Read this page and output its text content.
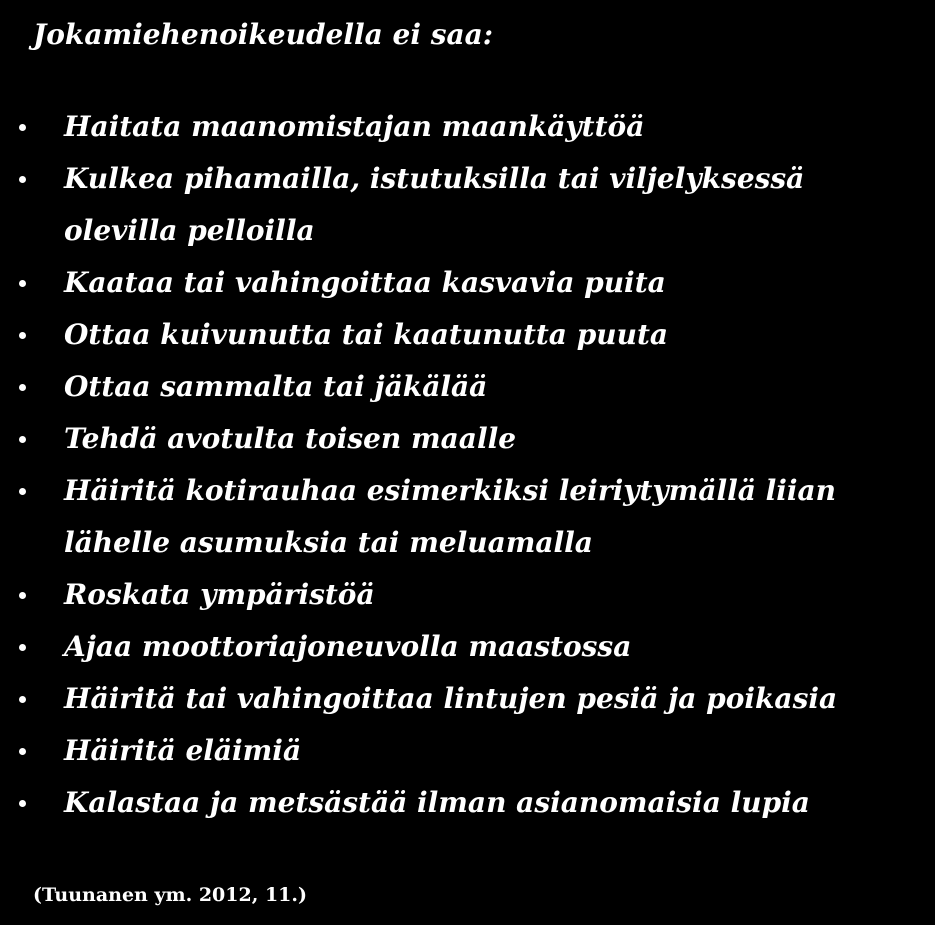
Jokamiehenoikeudella ei saa:
Haitata maanomistajan maankäyttöä
Kulkea pihamailla, istutuksilla tai viljelyksessä
olevilla pelloilla
Kaataa tai vahingoittaa kasvavia puita
Ottaa kuivunutta tai kaatunutta puuta
Ottaa sammalta tai jäkälää
Tehdä avotulta toisen maalle
Häiritä kotirauhaa esimerkiksi leiriytymällä liian
lähelle asumuksia tai meluamalla
Roskata ympäristöä
Ajaa moottoriajoneuvolla maastossa
Häiritä tai vahingoittaa lintujen pesiä ja poikasia
Häiritä eläimiä
Kalastaa ja metsästää ilman asianomaisia lupia
(Tuunanen ym. 2012, 11.)
